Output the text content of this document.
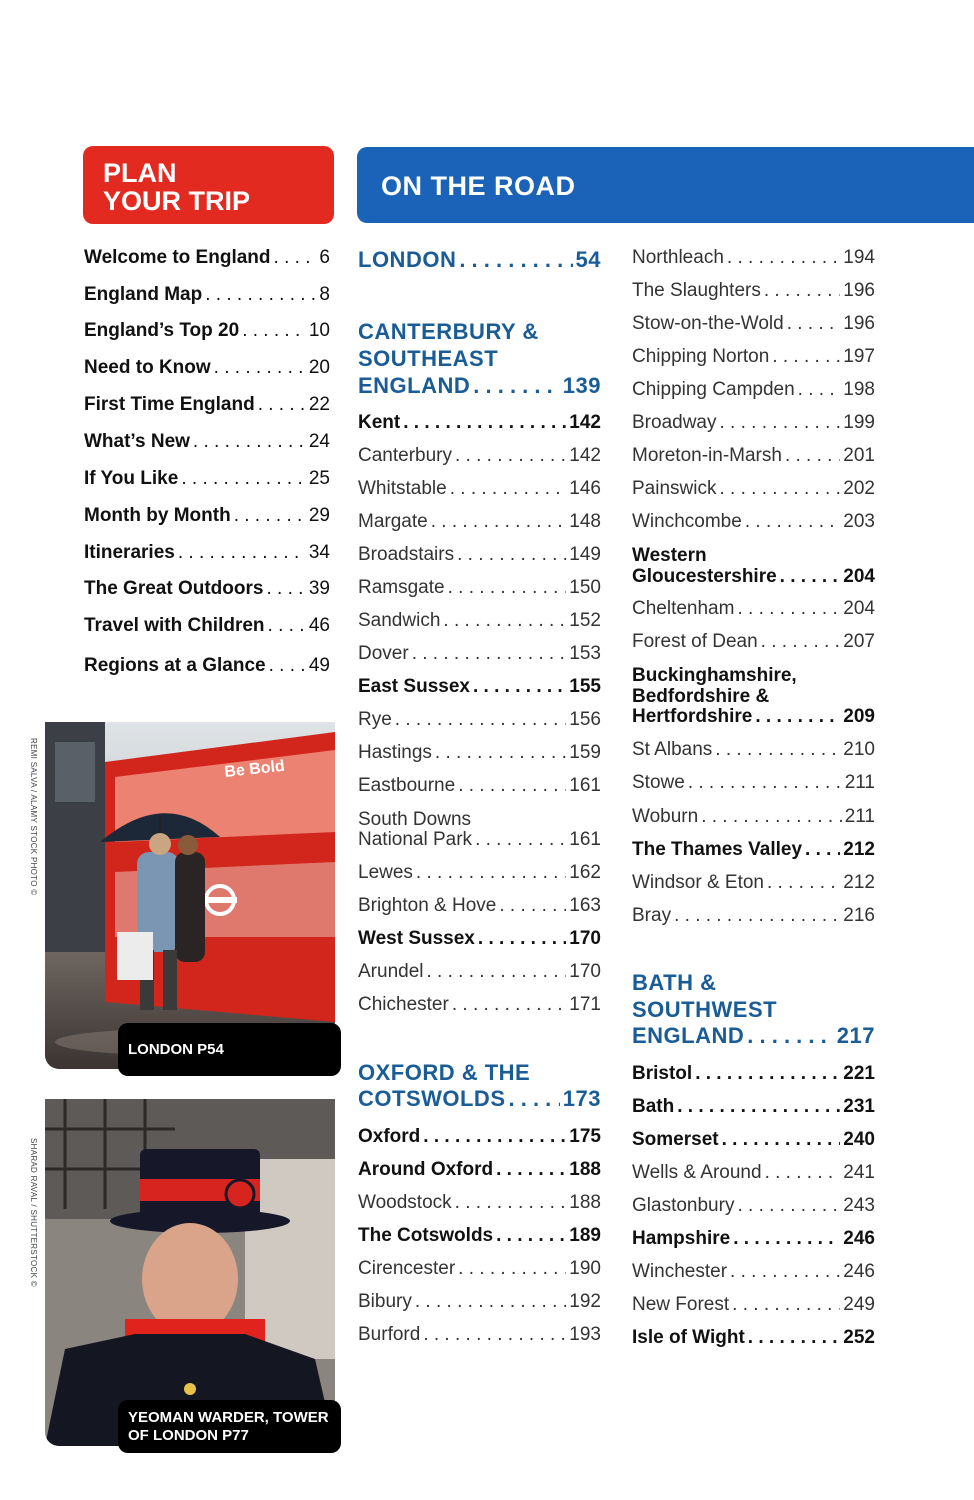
PLAN
YOUR TRIP	ON THE ROAD
Welcome to England . . .	6
England Map . . .	8
England’s Top 20 . . .	10
Need to Know . . .	20
First Time England . . .	22
What’s New . . .	24
If You Like . . .	25
Month by Month . . .	29
Itineraries . . .	34
The Great Outdoors . . . 39
Travel with Children . . . 46
Regions at a Glance . . . 49
LONDON . . .	54
CANTERBURY &
SOUTHEAST
ENGLAND . . .	139
Kent . . .	142
Canterbury . . .	142
Whitstable . . .	146
Margate . . .	148
Broadstairs . . .	149
Ramsgate . . .	150
Sandwich . . .	152
Dover . . .	153
East Sussex . . .	155
Rye . . .	156
Hastings . . .	159
Eastbourne . . .	161
South Downs
National Park . . .	161
Lewes . . .	162
Brighton & Hove . . .	163
West Sussex . . .	170
Arundel . . .	170
Chichester . . .	171
OXFORD & THE
COTSWOLDS . . .	173
Oxford . . .	175
Around Oxford . . .	188
Woodstock . . .	188
The Cotswolds . . .	189
Cirencester . . .	190
Bibury . . .	192
Burford . . .	193
Northleach . . .	194
The Slaughters . . .	196
Stow-on-the-Wold . . .	196
Chipping Norton . . .	197
Chipping Campden . . .	198
Broadway . . .	199
Moreton-in-Marsh . . .	201
Painswick . . .	202
Winchcombe . . .	203
Western
Gloucestershire . . .	204
Cheltenham . . .	204
Forest of Dean . . .	207
Buckinghamshire,
Bedfordshire &
Hertfordshire . . .	209
St Albans . . .	210
Stowe . . .	211
Woburn . . .	211
The Thames Valley . . . 212
Windsor & Eton . . .	212
Bray . . .	216
BATH &
SOUTHWEST
ENGLAND . . .	217
Bristol . . .	221
Bath . . .	231
Somerset . . .	240
Wells & Around . . .	241
Glastonbury . . .	243
Hampshire . . .	246
Winchester . . .	246
New Forest . . .	249
Isle of Wight . . .	252
Be Bold
LONDON P54
REMI SALVA / ALAMY STOCK PHOTO ©
YEOMAN WARDER, TOWER
OF LONDON P77
SHARAD RAVAL / SHUTTERSTOCK ©
